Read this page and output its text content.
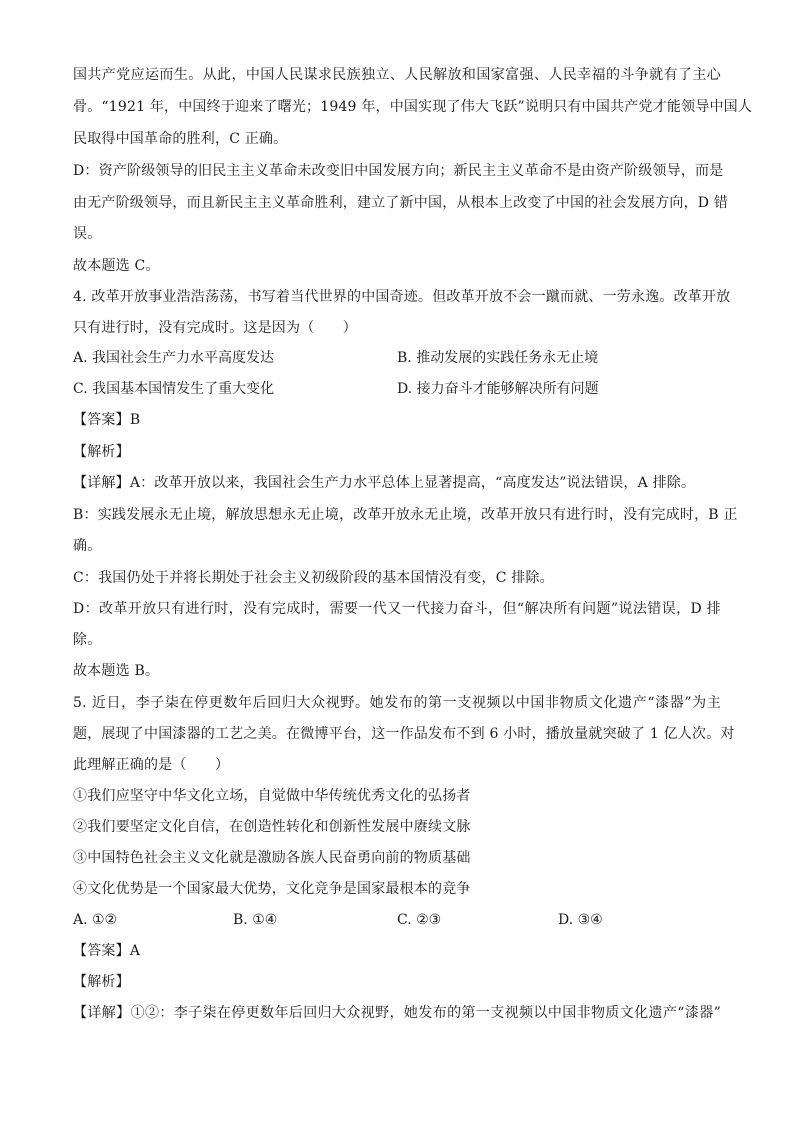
国共产党应运而生。从此，中国人民谋求民族独立、人民解放和国家富强、人民幸福的斗争就有了主心
骨。“1921 年，中国终于迎来了曙光；1949 年，中国实现了伟大飞跃”说明只有中国共产党才能领导中国人
民取得中国革命的胜利，C 正确。
D：资产阶级领导的旧民主主义革命未改变旧中国发展方向；新民主主义革命不是由资产阶级领导，而是
由无产阶级领导，而且新民主主义革命胜利，建立了新中国，从根本上改变了中国的社会发展方向，D 错
误。
故本题选 C。
4. 改革开放事业浩浩荡荡，书写着当代世界的中国奇迹。但改革开放不会一蹴而就、一劳永逸。改革开放
只有进行时，没有完成时。这是因为（　　）
A. 我国社会生产力水平高度发达	B. 推动发展的实践任务永无止境
C. 我国基本国情发生了重大变化	D. 接力奋斗才能够解决所有问题
【答案】B
【解析】
【详解】A：改革开放以来，我国社会生产力水平总体上显著提高，“高度发达”说法错误，A 排除。
B：实践发展永无止境，解放思想永无止境，改革开放永无止境，改革开放只有进行时，没有完成时，B 正
确。
C：我国仍处于并将长期处于社会主义初级阶段的基本国情没有变，C 排除。
D：改革开放只有进行时，没有完成时，需要一代又一代接力奋斗，但“解决所有问题”说法错误，D 排
除。
故本题选 B。
5. 近日，李子柒在停更数年后回归大众视野。她发布的第一支视频以中国非物质文化遗产“漆器”为主
题，展现了中国漆器的工艺之美。在微博平台，这一作品发布不到 6 小时，播放量就突破了 1 亿人次。对
此理解正确的是（　　）
①我们应坚守中华文化立场，自觉做中华传统优秀文化的弘扬者
②我们要坚定文化自信，在创造性转化和创新性发展中赓续文脉
③中国特色社会主义文化就是激励各族人民奋勇向前的物质基础
④文化优势是一个国家最大优势，文化竞争是国家最根本的竞争
A. ①②	B. ①④	C. ②③	D. ③④
【答案】A
【解析】
【详解】①②：李子柒在停更数年后回归大众视野，她发布的第一支视频以中国非物质文化遗产“漆器”
